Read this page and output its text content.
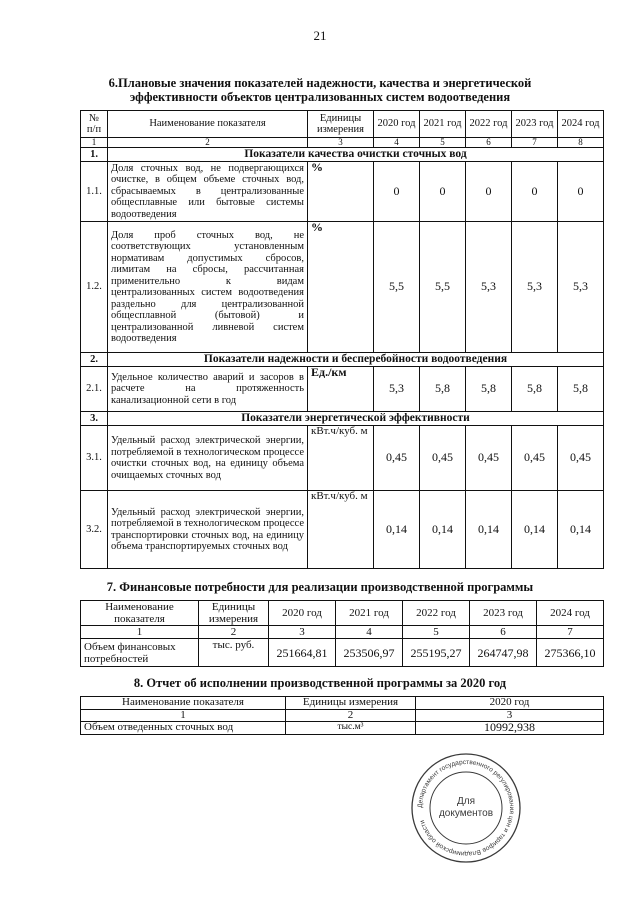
21
6.Плановые значения показателей надежности, качества и энергетической
эффективности объектов централизованных систем водоотведения
№ п/п	Наименование показателя	Единицы измерения	2020 год	2021 год	2022 год	2023 год	2024 год
1	2	3	4	5	6	7	8
1.	Показатели качества очистки сточных вод						
1.1.	Доля сточных вод, не подвергающихся очистке, в общем объеме сточных вод, сбрасываемых в централизованные общесплавные или бытовые системы водоотведения	%	0	0	0	0	0
1.2.	Доля проб сточных вод, не соответствующих установленным нормативам допустимых сбросов, лимитам на сбросы, рассчитанная применительно к видам централизованных систем водоотведения раздельно для централизованной общесплавной (бытовой) и централизованной ливневой систем водоотведения	%	5,5	5,5	5,3	5,3	5,3
2.	Показатели надежности и бесперебойности водоотведения						
2.1.	Удельное количество аварий и засоров в расчете на протяженность канализационной сети в год	Ед./км	5,3	5,8	5,8	5,8	5,8
3.	Показатели энергетической эффективности						
3.1.	Удельный расход электрической энергии, потребляемой в технологическом процессе очистки сточных вод, на единицу объема очищаемых сточных вод	кВт.ч/куб. м	0,45	0,45	0,45	0,45	0,45
3.2.	Удельный расход электрической энергии, потребляемой в технологическом процессе транспортировки сточных вод, на единицу объема транспортируемых сточных вод	кВт.ч/куб. м	0,14	0,14	0,14	0,14	0,14
7. Финансовые потребности для реализации производственной программы
Наименование показателя	Единицы измерения	2020 год	2021 год	2022 год	2023 год	2024 год
1	2	3	4	5	6	7
Объем финансовых потребностей	тыс. руб.	251664,81	253506,97	255195,27	264747,98	275366,10
8. Отчет об исполнении производственной программы за 2020 год
Наименование показателя	Единицы измерения	2020 год
1	2	3
Объем отведенных сточных вод	тыс.м³	10992,938
Департамент государственного регулирования цен и тарифов Владимирской области
Для
документов
